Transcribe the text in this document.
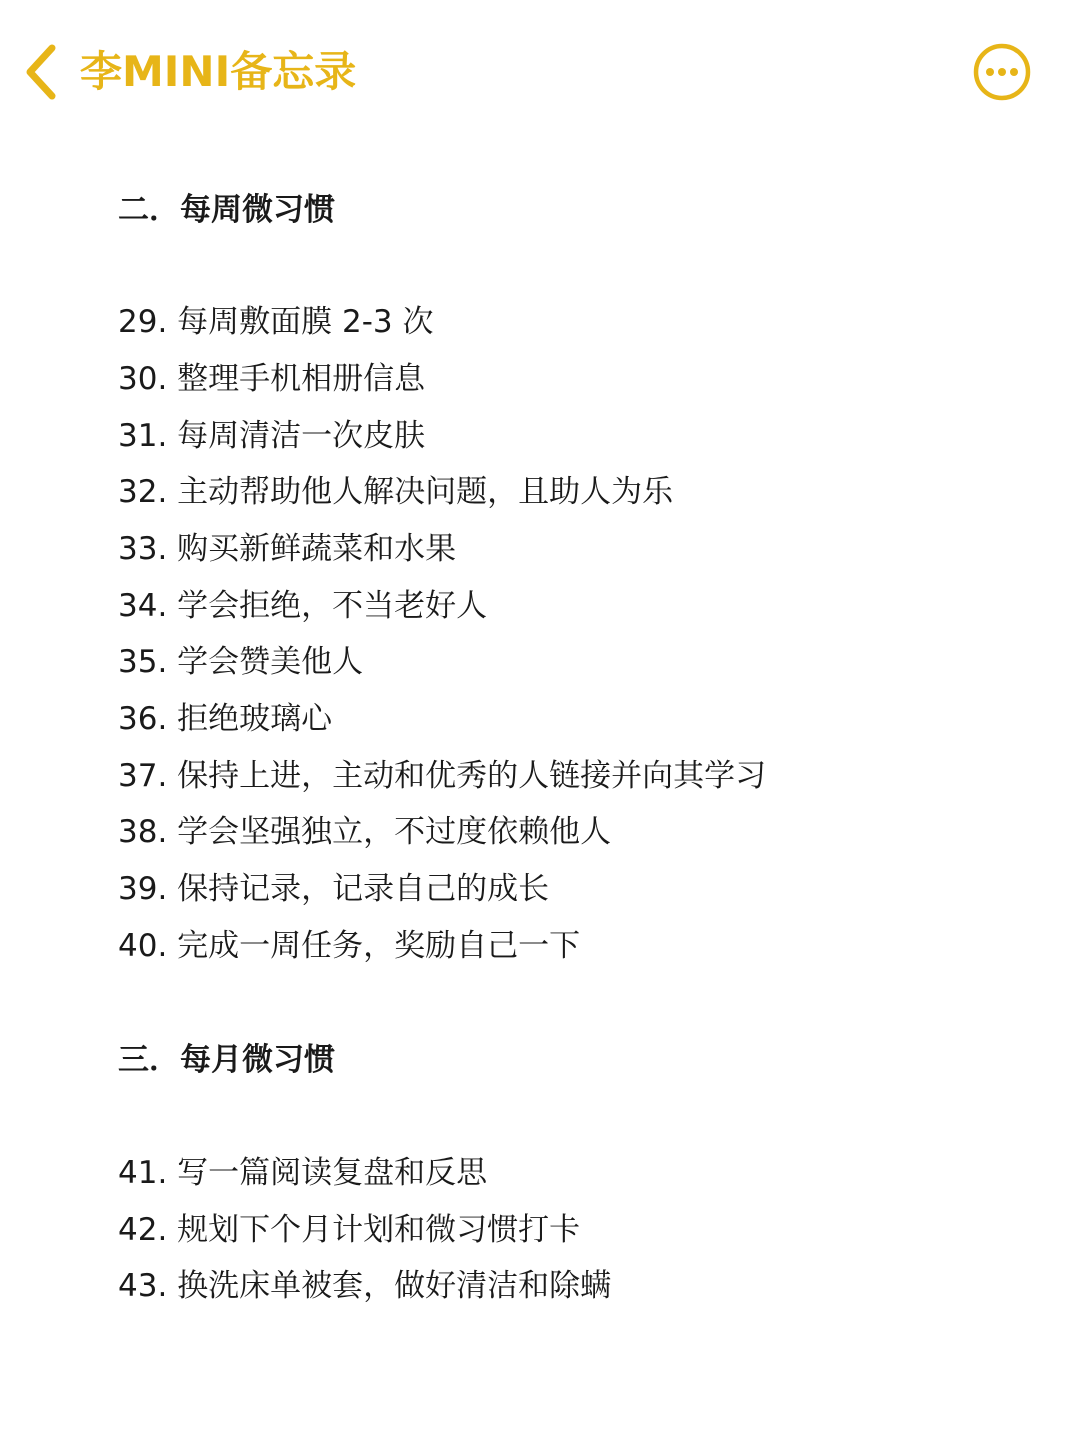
李MINI备忘录
二．每周微习惯
29. 每周敷面膜 2-3 次
30. 整理手机相册信息
31. 每周清洁一次皮肤
32. 主动帮助他人解决问题，且助人为乐
33. 购买新鲜蔬菜和水果
34. 学会拒绝，不当老好人
35. 学会赞美他人
36. 拒绝玻璃心
37. 保持上进，主动和优秀的人链接并向其学习
38. 学会坚强独立，不过度依赖他人
39. 保持记录，记录自己的成长
40. 完成一周任务，奖励自己一下
三．每月微习惯
41. 写一篇阅读复盘和反思
42. 规划下个月计划和微习惯打卡
43. 换洗床单被套，做好清洁和除螨
